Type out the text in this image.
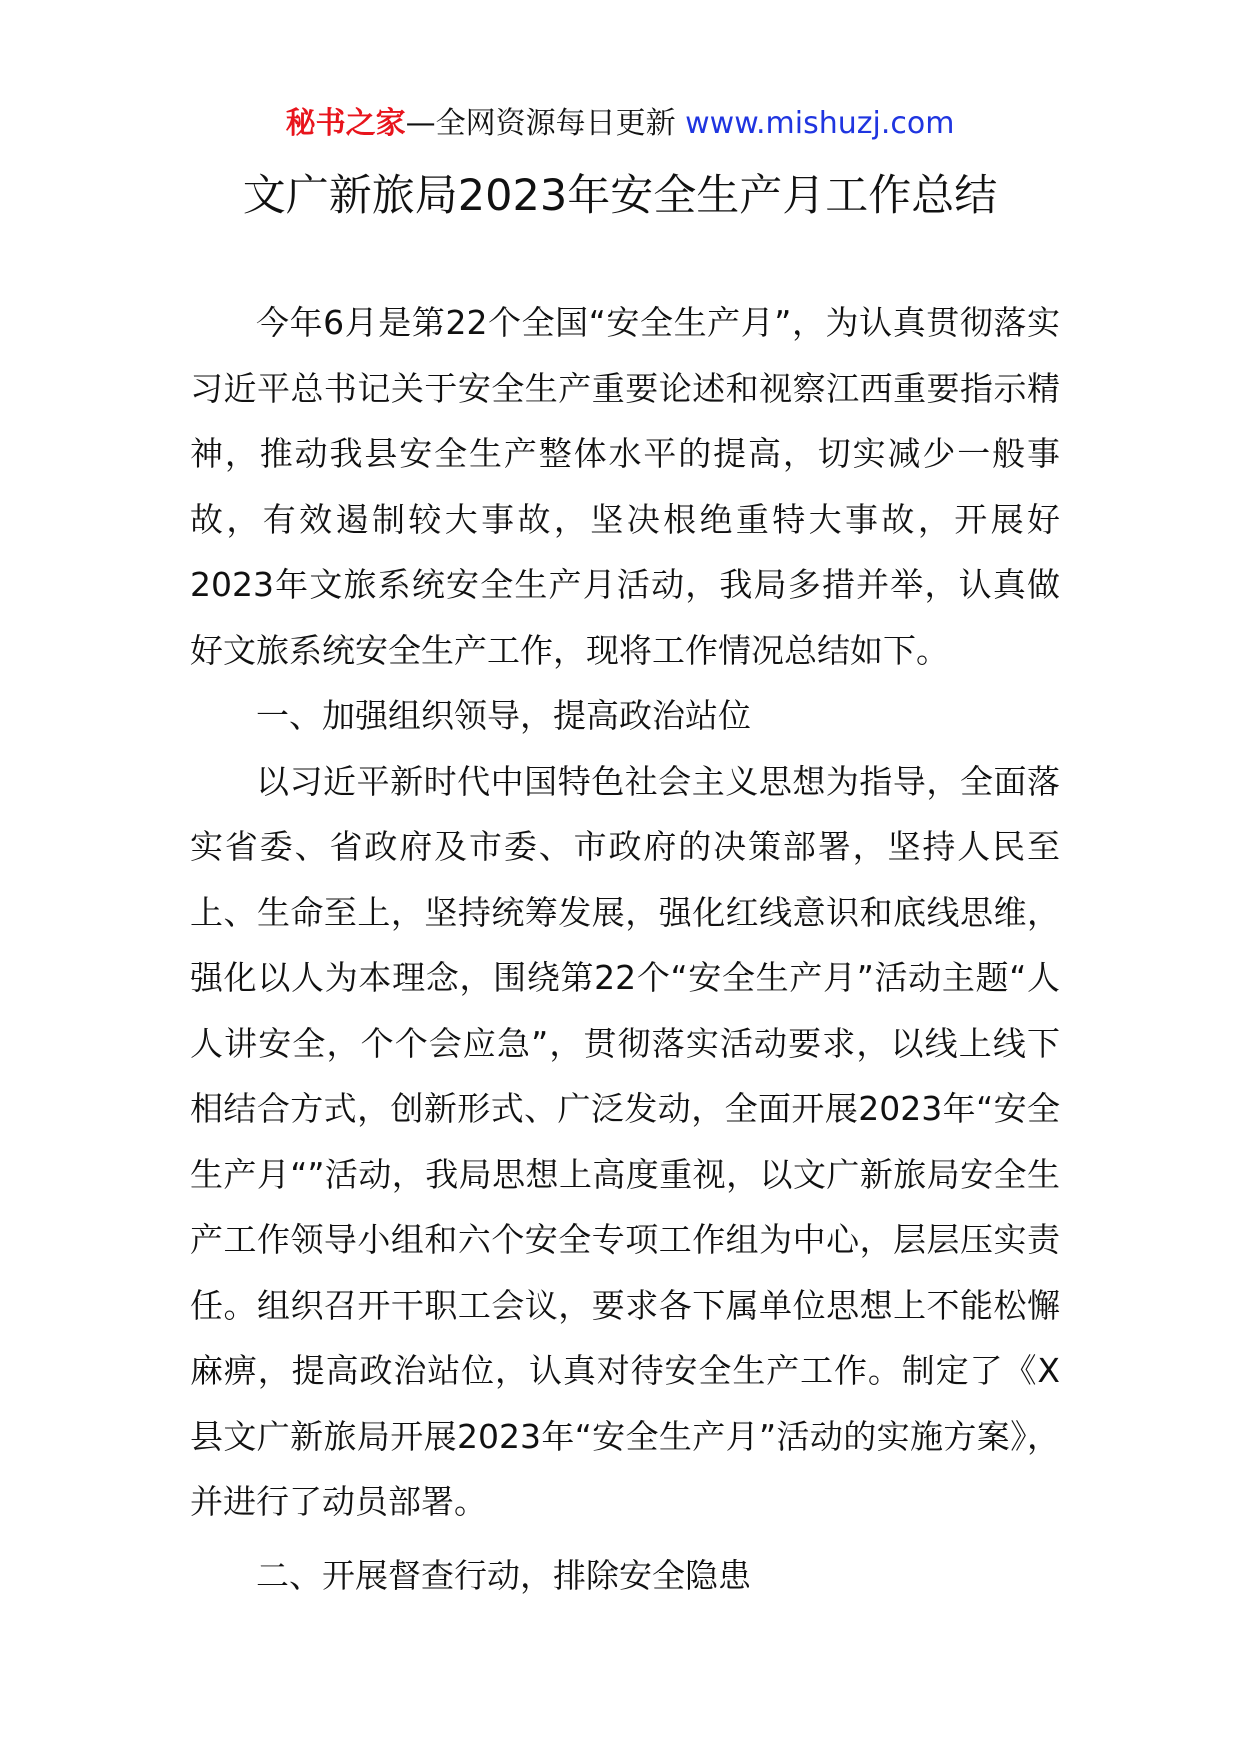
秘书之家—全网资源每日更新 www.mishuzj.com
文广新旅局2023年安全生产月工作总结

今年6月是第22个全国“安全生产月”，为认真贯彻落实习近平总书记关于安全生产重要论述和视察江西重要指示精神，推动我县安全生产整体水平的提高，切实减少一般事故，有效遏制较大事故，坚决根绝重特大事故，开展好2023年文旅系统安全生产月活动，我局多措并举，认真做好文旅系统安全生产工作，现将工作情况总结如下。

一、加强组织领导，提高政治站位

以习近平新时代中国特色社会主义思想为指导，全面落实省委、省政府及市委、市政府的决策部署，坚持人民至上、生命至上，坚持统筹发展，强化红线意识和底线思维，强化以人为本理念，围绕第22个“安全生产月”活动主题“人人讲安全，个个会应急”，贯彻落实活动要求，以线上线下相结合方式，创新形式、广泛发动，全面开展2023年“安全生产月“”活动，我局思想上高度重视，以文广新旅局安全生产工作领导小组和六个安全专项工作组为中心，层层压实责任。组织召开干职工会议，要求各下属单位思想上不能松懈麻痹，提高政治站位，认真对待安全生产工作。制定了《X县文广新旅局开展2023年“安全生产月”活动的实施方案》，并进行了动员部署。

二、开展督查行动，排除安全隐患
